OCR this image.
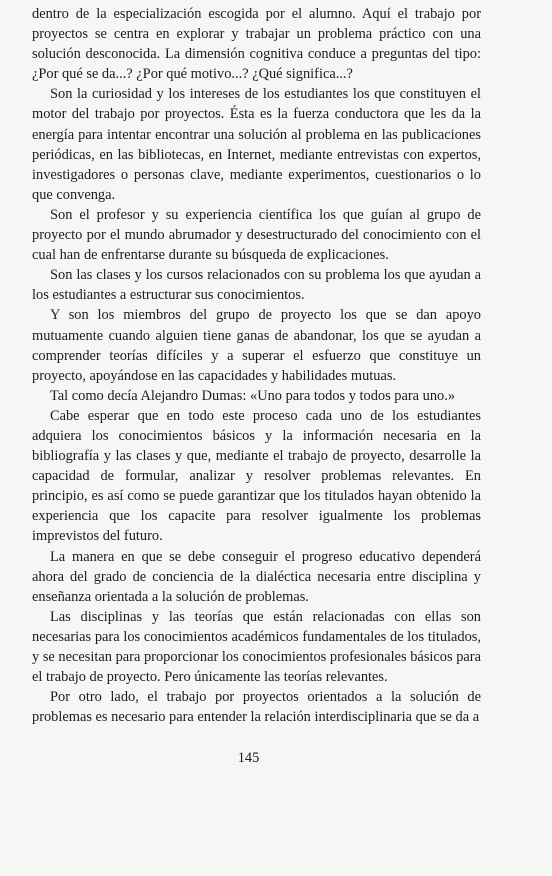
dentro de la especialización escogida por el alumno. Aquí el trabajo por proyectos se centra en explorar y trabajar un problema práctico con una solución desconocida. La dimensión cognitiva conduce a preguntas del tipo: ¿Por qué se da...? ¿Por qué motivo...? ¿Qué significa...?

Son la curiosidad y los intereses de los estudiantes los que constituyen el motor del trabajo por proyectos. Ésta es la fuerza conductora que les da la energía para intentar encontrar una solución al problema en las publicaciones periódicas, en las bibliotecas, en Internet, mediante entrevistas con expertos, investigadores o personas clave, mediante experimentos, cuestionarios o lo que convenga.

Son el profesor y su experiencia científica los que guían al grupo de proyecto por el mundo abrumador y desestructurado del conocimiento con el cual han de enfrentarse durante su búsqueda de explicaciones.

Son las clases y los cursos relacionados con su problema los que ayudan a los estudiantes a estructurar sus conocimientos.

Y son los miembros del grupo de proyecto los que se dan apoyo mutuamente cuando alguien tiene ganas de abandonar, los que se ayudan a comprender teorías difíciles y a superar el esfuerzo que constituye un proyecto, apoyándose en las capacidades y habilidades mutuas.

Tal como decía Alejandro Dumas: «Uno para todos y todos para uno.»

Cabe esperar que en todo este proceso cada uno de los estudiantes adquiera los conocimientos básicos y la información necesaria en la bibliografía y las clases y que, mediante el trabajo de proyecto, desarrolle la capacidad de formular, analizar y resolver problemas relevantes. En principio, es así como se puede garantizar que los titulados hayan obtenido la experiencia que los capacite para resolver igualmente los problemas imprevistos del futuro.

La manera en que se debe conseguir el progreso educativo dependerá ahora del grado de conciencia de la dialéctica necesaria entre disciplina y enseñanza orientada a la solución de problemas.

Las disciplinas y las teorías que están relacionadas con ellas son necesarias para los conocimientos académicos fundamentales de los titulados, y se necesitan para proporcionar los conocimientos profesionales básicos para el trabajo de proyecto. Pero únicamente las teorías relevantes.

Por otro lado, el trabajo por proyectos orientados a la solución de problemas es necesario para entender la relación interdisciplinaria que se da a

145
